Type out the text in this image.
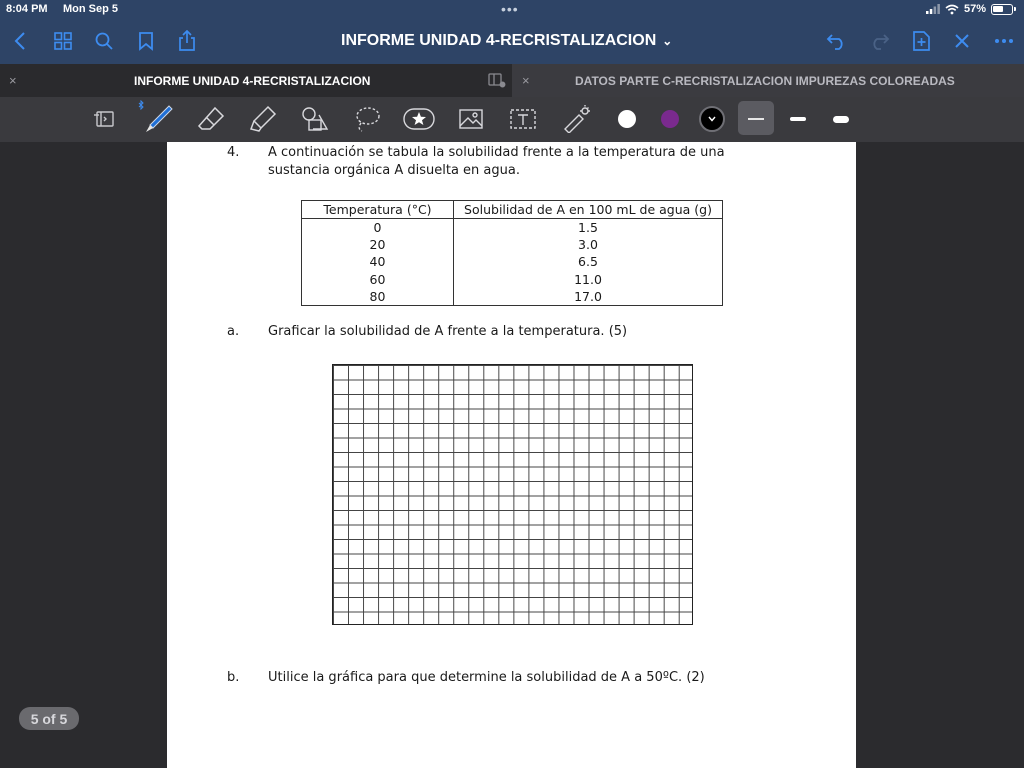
8:04 PM Mon Sep 5	•••	57%
INFORME UNIDAD 4-RECRISTALIZACION ⌄
×	INFORME UNIDAD 4-RECRISTALIZACION	×	DATOS PARTE C-RECRISTALIZACION IMPUREZAS COLOREADAS
4. A continuación se tabula la solubilidad frente a la temperatura de una

sustancia orgánica A disuelta en agua.
Temperatura (°C)	Solubilidad de A en 100 mL de agua (g)
0	1.5
20	3.0
40	6.5
60	11.0
80	17.0
a. Graficar la solubilidad de A frente a la temperatura. (5)
b. Utilice la gráfica para que determine la solubilidad de A a 50ºC. (2)
5 of 5
